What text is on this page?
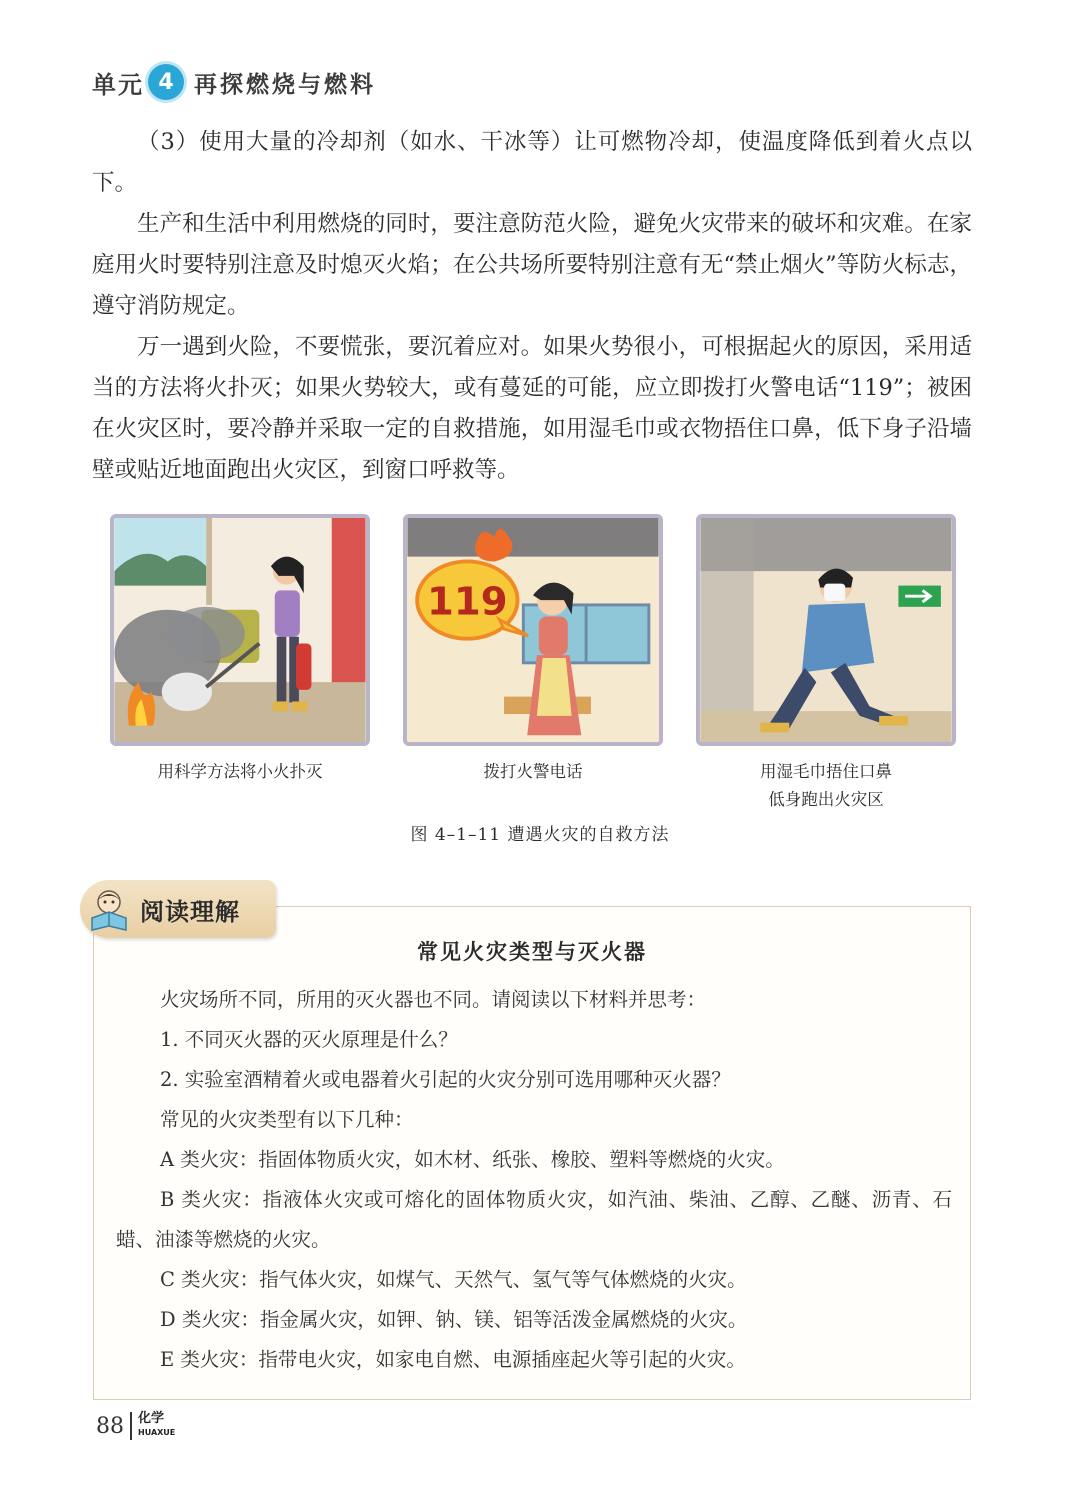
单元 4 再探燃烧与燃料

（3）使用大量的冷却剂（如水、干冰等）让可燃物冷却，使温度降低到着火点以下。

生产和生活中利用燃烧的同时，要注意防范火险，避免火灾带来的破坏和灾难。在家庭用火时要特别注意及时熄灭火焰；在公共场所要特别注意有无“禁止烟火”等防火标志，遵守消防规定。

万一遇到火险，不要慌张，要沉着应对。如果火势很小，可根据起火的原因，采用适当的方法将火扑灭；如果火势较大，或有蔓延的可能，应立即拨打火警电话“119”；被困在火灾区时，要冷静并采取一定的自救措施，如用湿毛巾或衣物捂住口鼻，低下身子沿墙壁或贴近地面跑出火灾区，到窗口呼救等。

119
用科学方法将小火扑灭	拨打火警电话	用湿毛巾捂住口鼻
低身跑出火灾区
图 4–1–11 遭遇火灾的自救方法
阅读理解
常见火灾类型与灭火器

火灾场所不同，所用的灭火器也不同。请阅读以下材料并思考：

1. 不同灭火器的灭火原理是什么？

2. 实验室酒精着火或电器着火引起的火灾分别可选用哪种灭火器？

常见的火灾类型有以下几种：

A 类火灾：指固体物质火灾，如木材、纸张、橡胶、塑料等燃烧的火灾。

B 类火灾：指液体火灾或可熔化的固体物质火灾，如汽油、柴油、乙醇、乙醚、沥青、石蜡、油漆等燃烧的火灾。

C 类火灾：指气体火灾，如煤气、天然气、氢气等气体燃烧的火灾。

D 类火灾：指金属火灾，如钾、钠、镁、铝等活泼金属燃烧的火灾。

E 类火灾：指带电火灾，如家电自燃、电源插座起火等引起的火灾。

88 化学
HUAXUE
